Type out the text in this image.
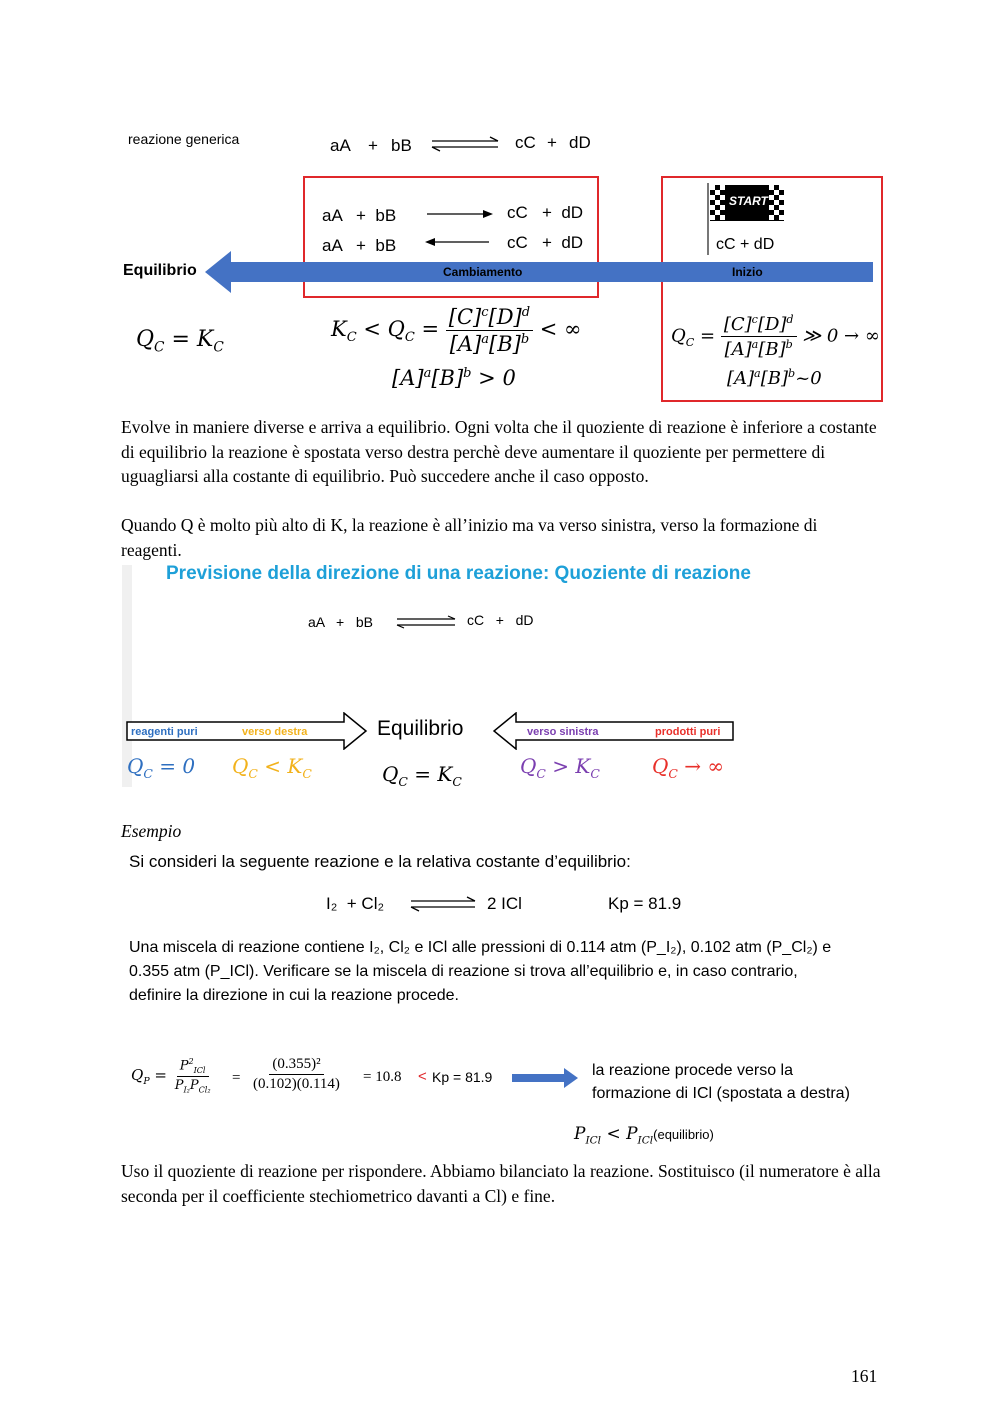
reazione generica	aA + bB	cC + dD
aA   +  bB	cC   +  dD
aA   +  bB	cC   +  dD
START
cC + dD
Equilibrio	Cambiamento	Inizio
$Q_C = K_C$
$K_C < Q_C = \frac{[C]^c[D]^d}{[A]^a[B]^b}$ < ∞
$[A]^a[B]^b > 0$
$Q_C = \frac{[C]^c[D]^d}{[A]^a[B]^b}$ ≫ 0 → ∞
$[A]^a[B]^b\sim 0$
Evolve in maniere diverse e arriva a equilibrio. Ogni volta che il quoziente di reazione è inferiore a costante di equilibrio la reazione è spostata verso destra perchè deve aumentare il quoziente per permettere di uguagliarsi alla costante di equilibrio. Può succedere anche il caso opposto.
Quando Q è molto più alto di K, la reazione è all’inizio ma va verso sinistra, verso la formazione di reagenti.
Previsione della direzione di una reazione: Quoziente di reazione
aA   +   bB ⇌ cC   +   dD
reagenti puri	verso destra	Equilibrio	verso sinistra	prodotti puri
$Q_C = 0$ $Q_C < K_C$	$Q_C = K_C$
$Q_C > K_C$	$Q_C$ → ∞
Esempio
Si consideri la seguente reazione e la relativa costante d’equilibrio:
I₂  + Cl₂	2 ICl	Kp = 81.9
Una miscela di reazione contiene I₂, Cl₂ e ICl alle pressioni di 0.114 atm (P_I₂), 0.102 atm (P_Cl₂) e
0.355 atm (P_ICl). Verificare se la miscela di reazione si trova all’equilibrio e, in caso contrario,
definire la direzione in cui la reazione procede.
$Q_P = \frac{P^2_{ICl}}{P_{I_2}P_{Cl_2}} = \frac{\text{(0.355)²}}{(0.102)(0.114)} = 10.8 < Kp = 81.9$	la reazione procede verso la
formazione di ICl (spostata a destra)
$P_{ICl}$ < $P_{ICl}(equilibrio)$
Uso il quoziente di reazione per rispondere. Abbiamo bilanciato la reazione. Sostituisco (il numeratore è alla seconda per il coefficiente stechiometrico davanti a Cl) e fine.
161
